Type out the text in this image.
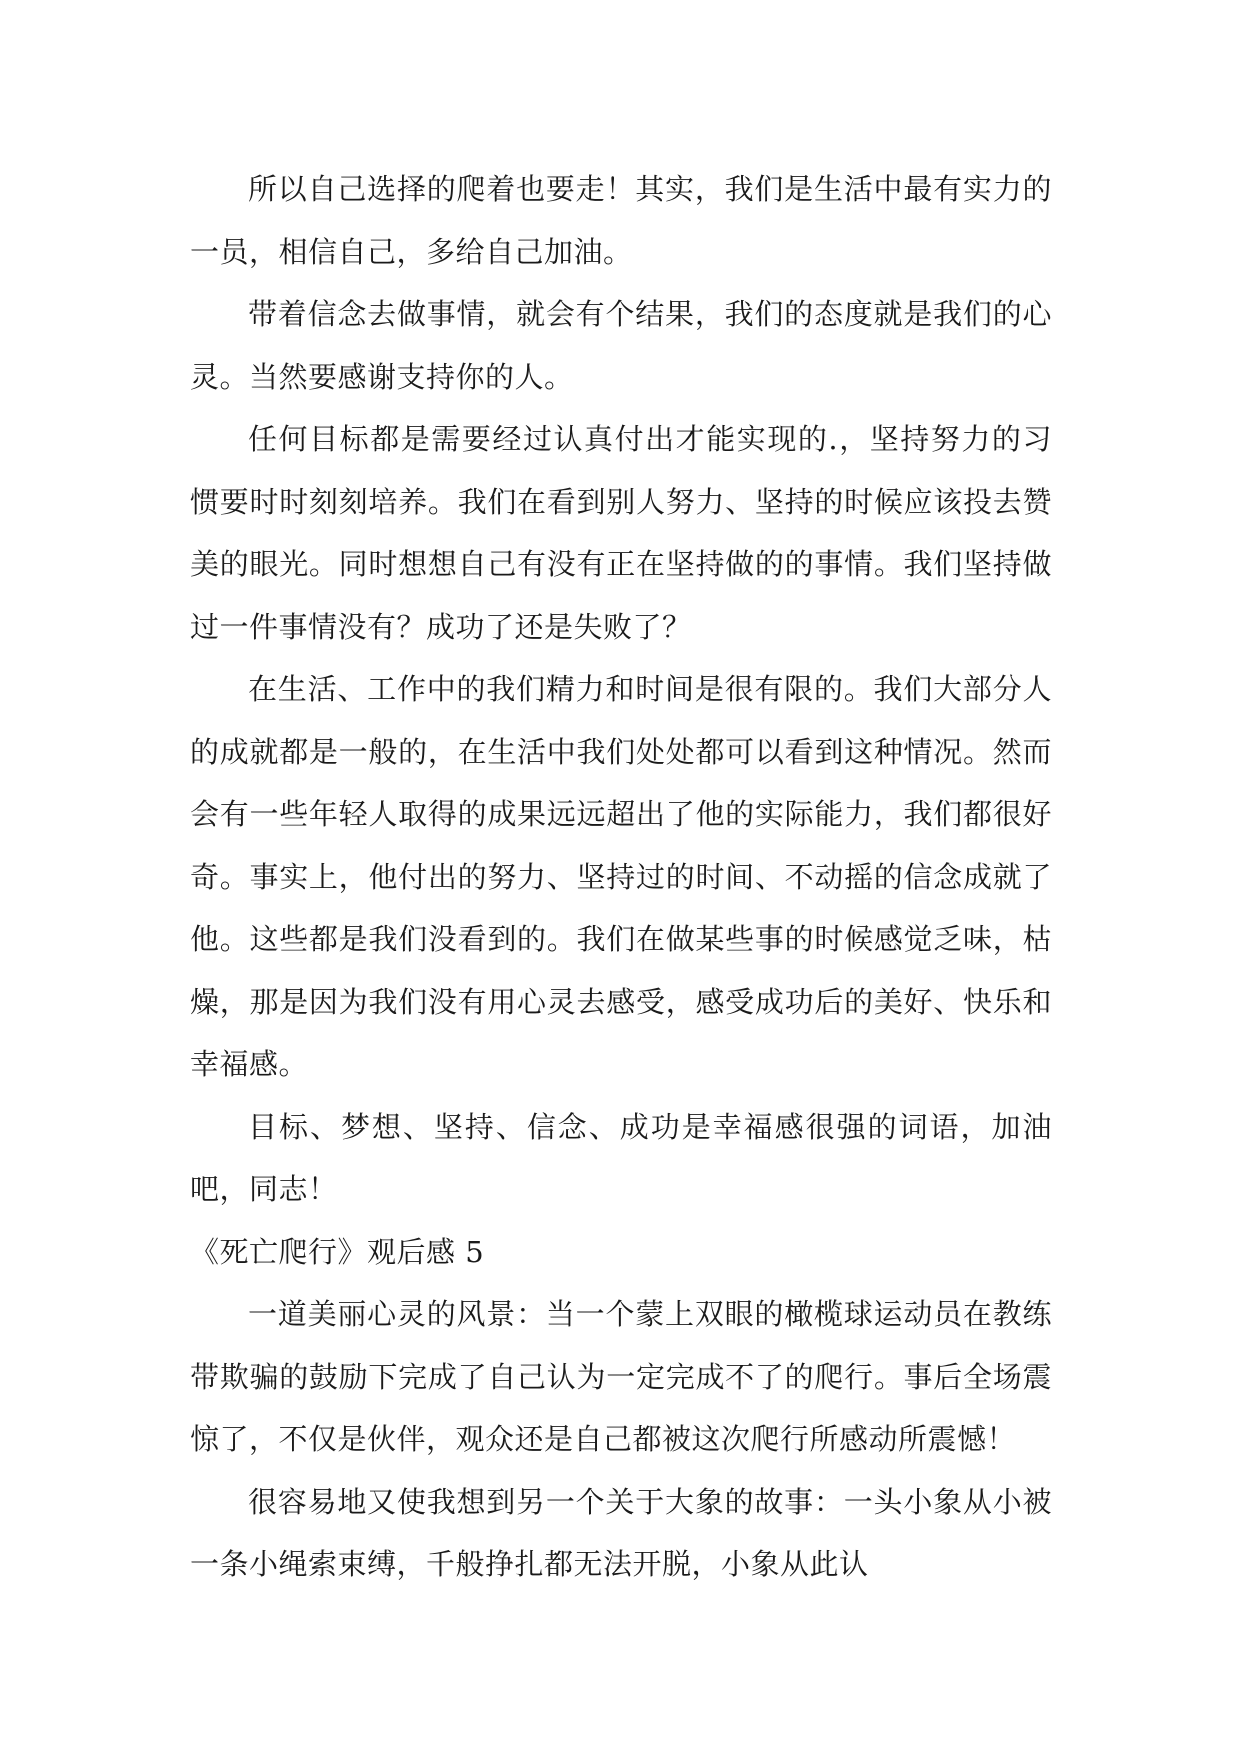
所以自己选择的爬着也要走！其实，我们是生活中最有实力的一员，相信自己，多给自己加油。

带着信念去做事情，就会有个结果，我们的态度就是我们的心灵。当然要感谢支持你的人。

任何目标都是需要经过认真付出才能实现的.，坚持努力的习惯要时时刻刻培养。我们在看到别人努力、坚持的时候应该投去赞美的眼光。同时想想自己有没有正在坚持做的的事情。我们坚持做过一件事情没有？成功了还是失败了？

在生活、工作中的我们精力和时间是很有限的。我们大部分人的成就都是一般的，在生活中我们处处都可以看到这种情况。然而会有一些年轻人取得的成果远远超出了他的实际能力，我们都很好奇。事实上，他付出的努力、坚持过的时间、不动摇的信念成就了他。这些都是我们没看到的。我们在做某些事的时候感觉乏味，枯燥，那是因为我们没有用心灵去感受，感受成功后的美好、快乐和幸福感。

目标、梦想、坚持、信念、成功是幸福感很强的词语，加油吧，同志！

《死亡爬行》观后感 5

一道美丽心灵的风景：当一个蒙上双眼的橄榄球运动员在教练带欺骗的鼓励下完成了自己认为一定完成不了的爬行。事后全场震惊了，不仅是伙伴，观众还是自己都被这次爬行所感动所震憾！

很容易地又使我想到另一个关于大象的故事：一头小象从小被一条小绳索束缚，千般挣扎都无法开脱，小象从此认
